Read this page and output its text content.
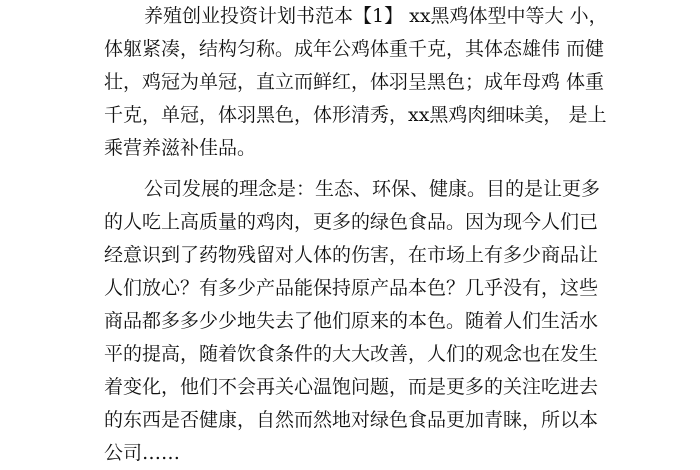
养殖创业投资计划书范本【1】 xx黑鸡体型中等大 小，
体躯紧凑，结构匀称。成年公鸡体重千克，其体态雄伟 而健
壮，鸡冠为单冠，直立而鲜红，体羽呈黑色；成年母鸡 体重
千克，单冠，体羽黑色，体形清秀，xx黑鸡肉细味美， 是上
乘营养滋补佳品。
公司发展的理念是：生态、环保、健康。目的是让更多
的人吃上高质量的鸡肉，更多的绿色食品。因为现今人们已
经意识到了药物残留对人体的伤害，在市场上有多少商品让
人们放心？有多少产品能保持原产品本色？几乎没有，这些
商品都多多少少地失去了他们原来的本色。随着人们生活水
平的提高，随着饮食条件的大大改善，人们的观念也在发生
着变化，他们不会再关心温饱问题，而是更多的关注吃进去
的东西是否健康，自然而然地对绿色食品更加青睐，所以本
公司……
